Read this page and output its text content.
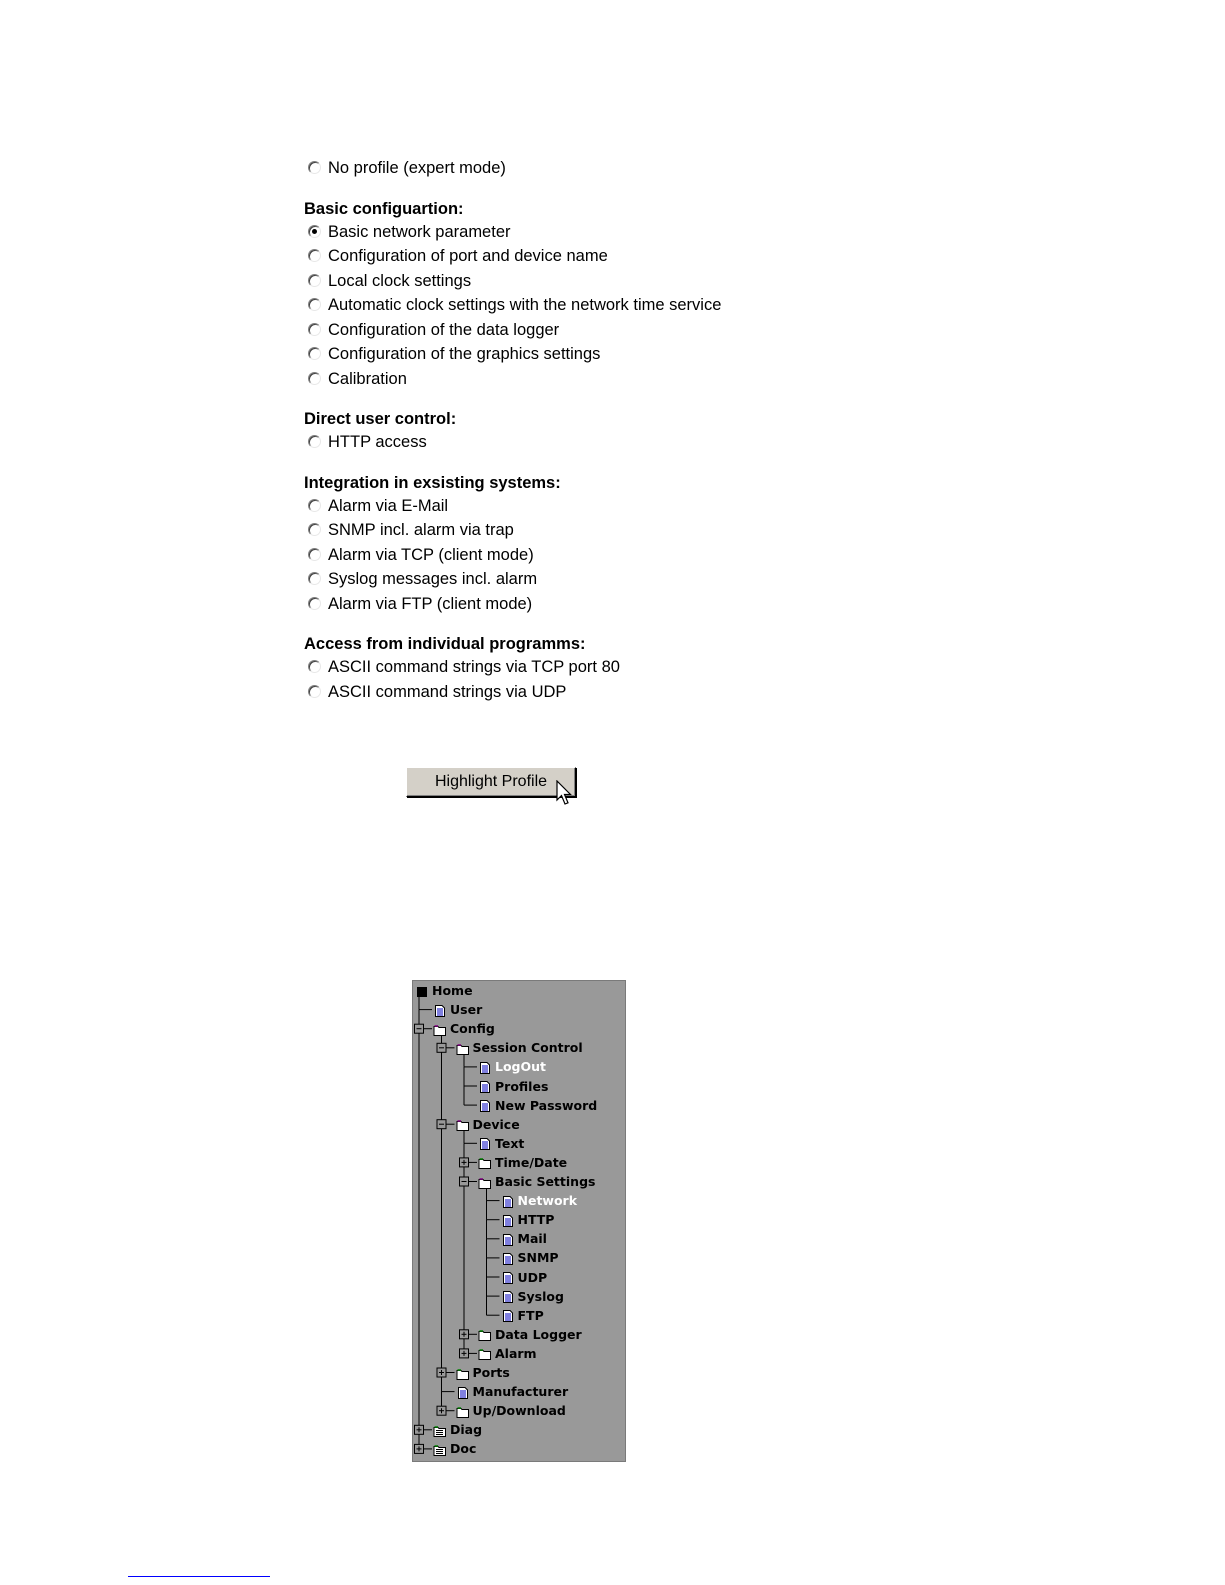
No profile (expert mode)
Basic configuartion:
Basic network parameter
Configuration of port and device name
Local clock settings
Automatic clock settings with the network time service
Configuration of the data logger
Configuration of the graphics settings
Calibration
Direct user control:
HTTP access
Integration in exsisting systems:
Alarm via E-Mail
SNMP incl. alarm via trap
Alarm via TCP (client mode)
Syslog messages incl. alarm
Alarm via FTP (client mode)
Access from individual programms:
ASCII command strings via TCP port 80
ASCII command strings via UDP
Highlight Profile
Home
User
Config
Session Control
LogOut
Profiles
New Password
Device
Text
Time/Date
Basic Settings
Network
HTTP
Mail
SNMP
UDP
Syslog
FTP
Data Logger
Alarm
Ports
Manufacturer
Up/Download
Diag
Doc
